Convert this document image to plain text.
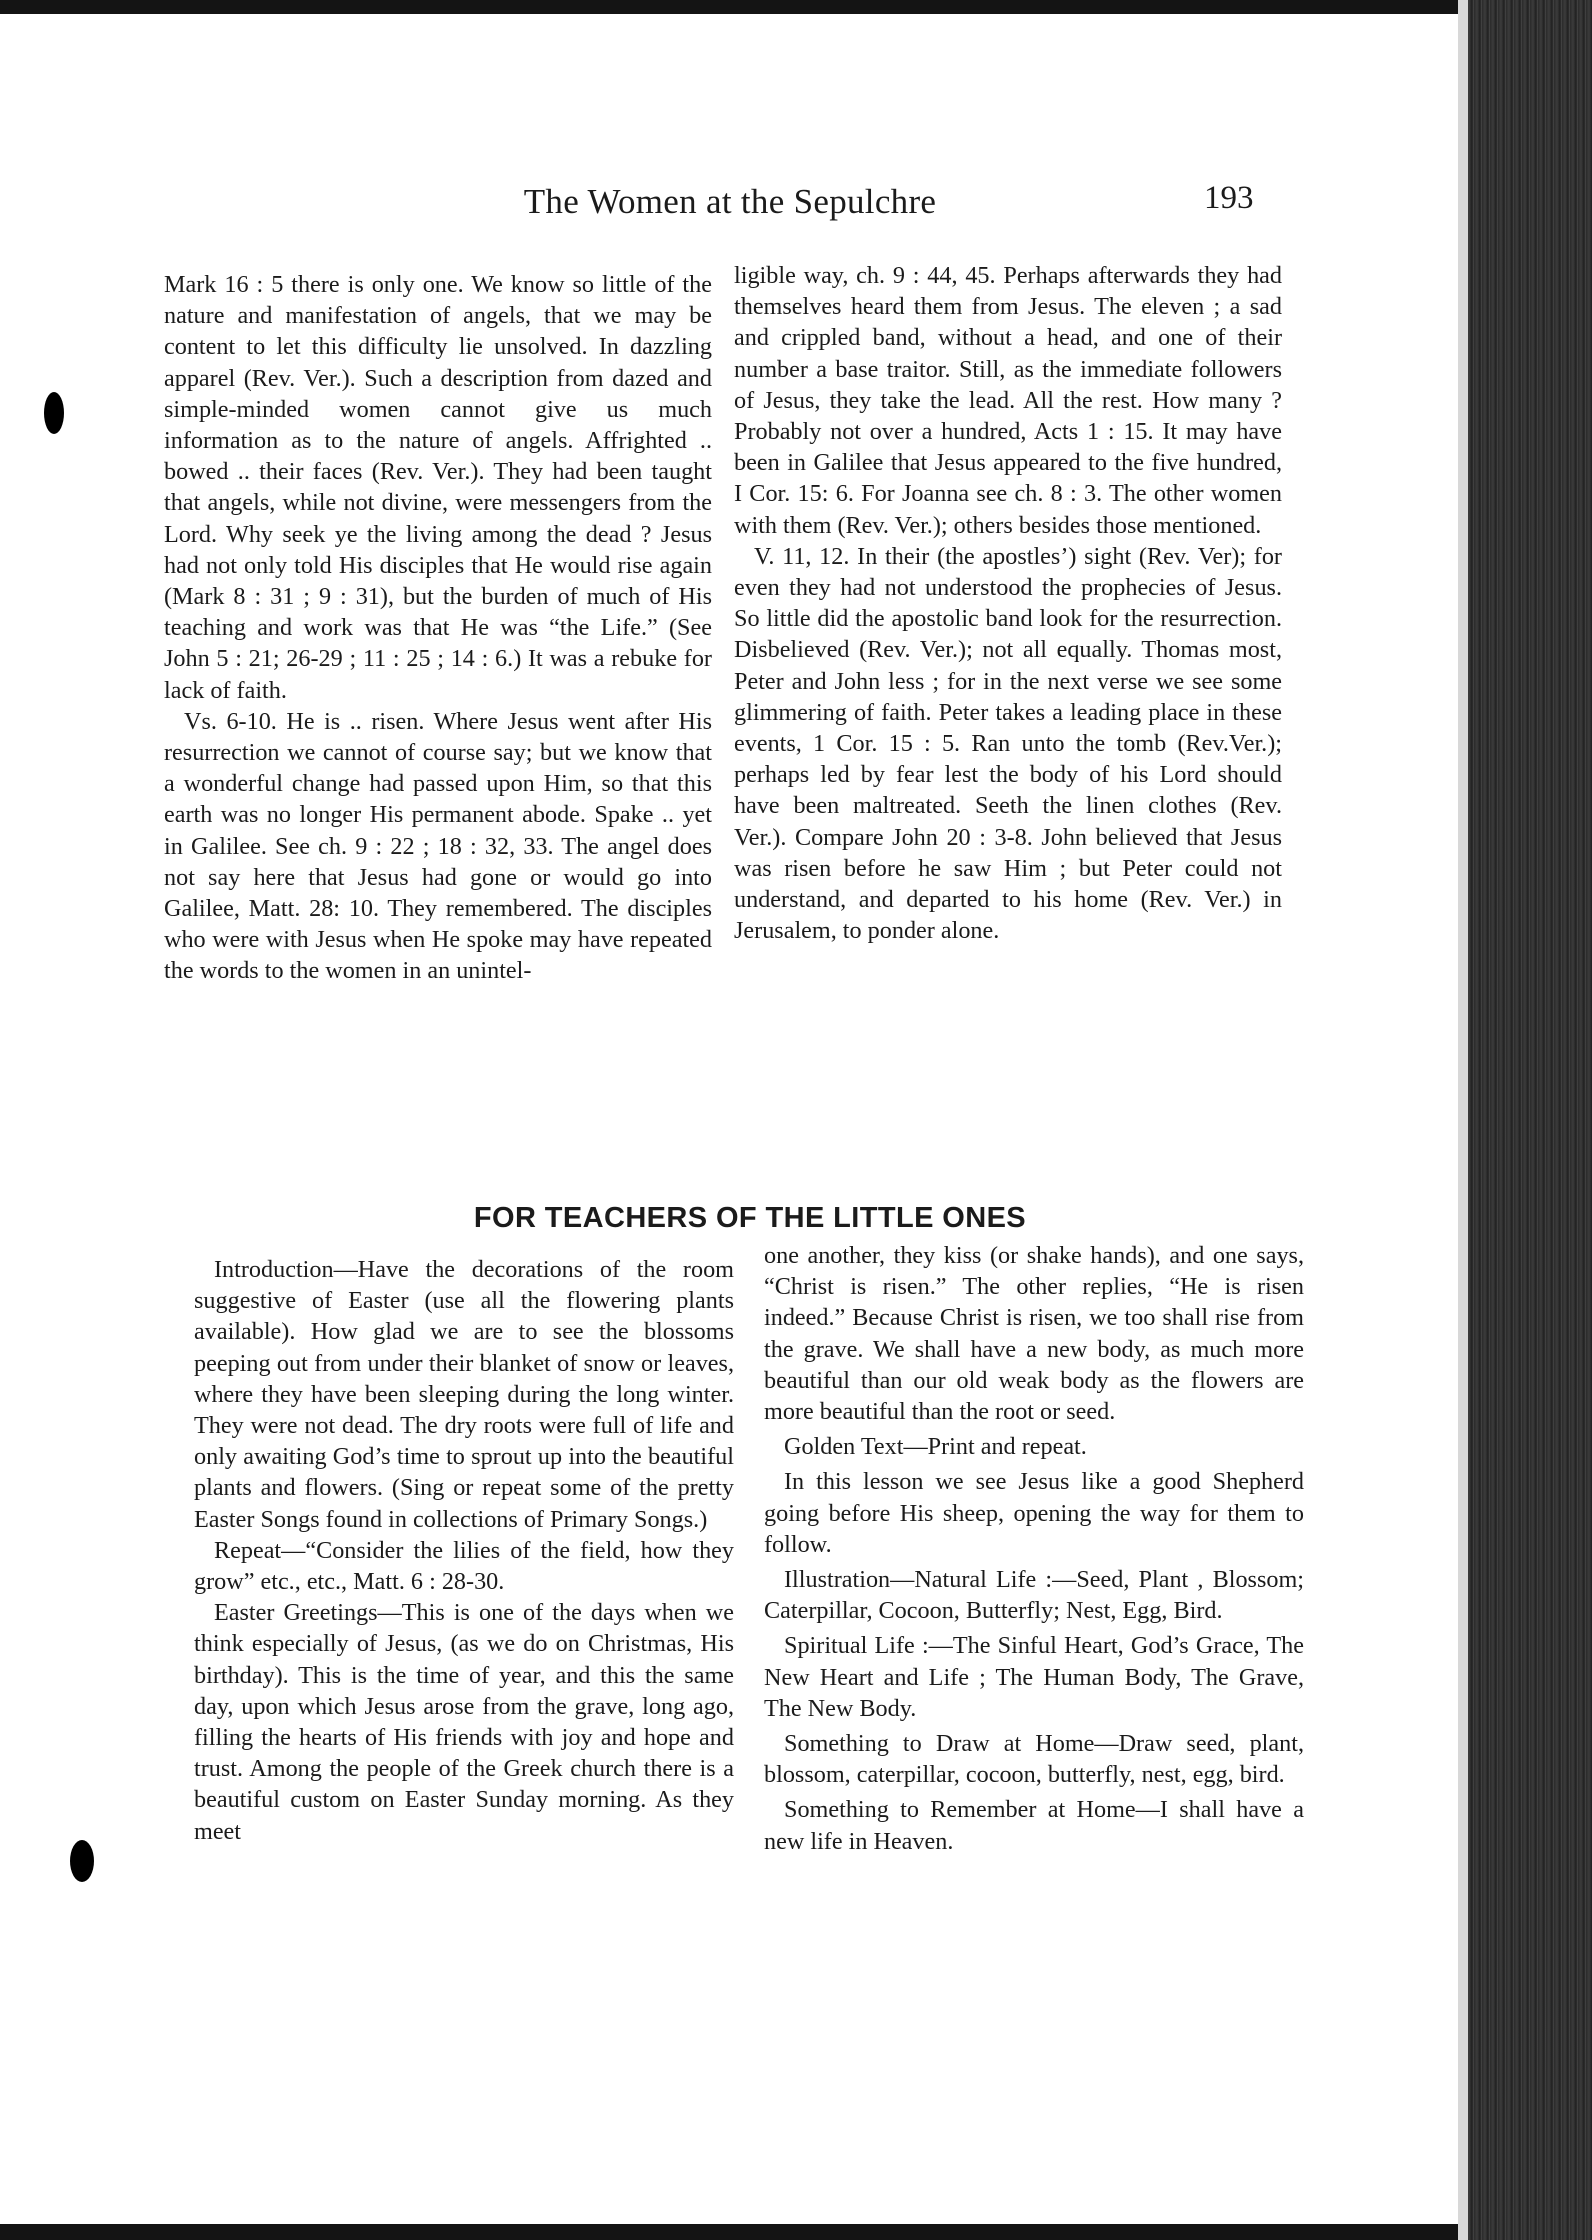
The Women at the Sepulchre	193

Mark 16 : 5 there is only one. We know so little of the nature and manifestation of angels, that we may be content to let this difficulty lie unsolved. In dazzling apparel (Rev. Ver.). Such a description from dazed and simple-minded women cannot give us much information as to the nature of angels. Affrighted .. bowed .. their faces (Rev. Ver.). They had been taught that angels, while not divine, were messengers from the Lord. Why seek ye the living among the dead ? Jesus had not only told His disciples that He would rise again (Mark 8 : 31 ; 9 : 31), but the burden of much of His teaching and work was that He was “the Life.” (See John 5 : 21; 26-29 ; 11 : 25 ; 14 : 6.) It was a rebuke for lack of faith.

Vs. 6-10. He is .. risen. Where Jesus went after His resurrection we cannot of course say; but we know that a wonderful change had passed upon Him, so that this earth was no longer His permanent abode. Spake .. yet in Galilee. See ch. 9 : 22 ; 18 : 32, 33. The angel does not say here that Jesus had gone or would go into Galilee, Matt. 28: 10. They remembered. The disciples who were with Jesus when He spoke may have repeated the words to the women in an unintel-

ligible way, ch. 9 : 44, 45. Perhaps afterwards they had themselves heard them from Jesus. The eleven ; a sad and crippled band, without a head, and one of their number a base traitor. Still, as the immediate followers of Jesus, they take the lead. All the rest. How many ? Probably not over a hundred, Acts 1 : 15. It may have been in Galilee that Jesus appeared to the five hundred, I Cor. 15: 6. For Joanna see ch. 8 : 3. The other women with them (Rev. Ver.); others besides those mentioned.

V. 11, 12. In their (the apostles’) sight (Rev. Ver); for even they had not understood the prophecies of Jesus. So little did the apostolic band look for the resurrection. Disbelieved (Rev. Ver.); not all equally. Thomas most, Peter and John less ; for in the next verse we see some glimmering of faith. Peter takes a leading place in these events, 1 Cor. 15 : 5. Ran unto the tomb (Rev.Ver.); perhaps led by fear lest the body of his Lord should have been maltreated. Seeth the linen clothes (Rev. Ver.). Compare John 20 : 3-8. John believed that Jesus was risen before he saw Him ; but Peter could not understand, and departed to his home (Rev. Ver.) in Jerusalem, to ponder alone.

FOR TEACHERS OF THE LITTLE ONES

Introduction—Have the decorations of the room suggestive of Easter (use all the flowering plants available). How glad we are to see the blossoms peeping out from under their blanket of snow or leaves, where they have been sleeping during the long winter. They were not dead. The dry roots were full of life and only awaiting God’s time to sprout up into the beautiful plants and flowers. (Sing or repeat some of the pretty Easter Songs found in collections of Primary Songs.)

Repeat—“Consider the lilies of the field, how they grow” etc., etc., Matt. 6 : 28-30.

Easter Greetings—This is one of the days when we think especially of Jesus, (as we do on Christmas, His birthday). This is the time of year, and this the same day, upon which Jesus arose from the grave, long ago, filling the hearts of His friends with joy and hope and trust. Among the people of the Greek church there is a beautiful custom on Easter Sunday morning. As they meet

one another, they kiss (or shake hands), and one says, “Christ is risen.” The other replies, “He is risen indeed.” Because Christ is risen, we too shall rise from the grave. We shall have a new body, as much more beautiful than our old weak body as the flowers are more beautiful than the root or seed.

Golden Text—Print and repeat.

In this lesson we see Jesus like a good Shepherd going before His sheep, opening the way for them to follow.

Illustration—Natural Life :—Seed, Plant , Blossom; Caterpillar, Cocoon, Butterfly; Nest, Egg, Bird.

Spiritual Life :—The Sinful Heart, God’s Grace, The New Heart and Life ; The Human Body, The Grave, The New Body.

Something to Draw at Home—Draw seed, plant, blossom, caterpillar, cocoon, butterfly, nest, egg, bird.

Something to Remember at Home—I shall have a new life in Heaven.
